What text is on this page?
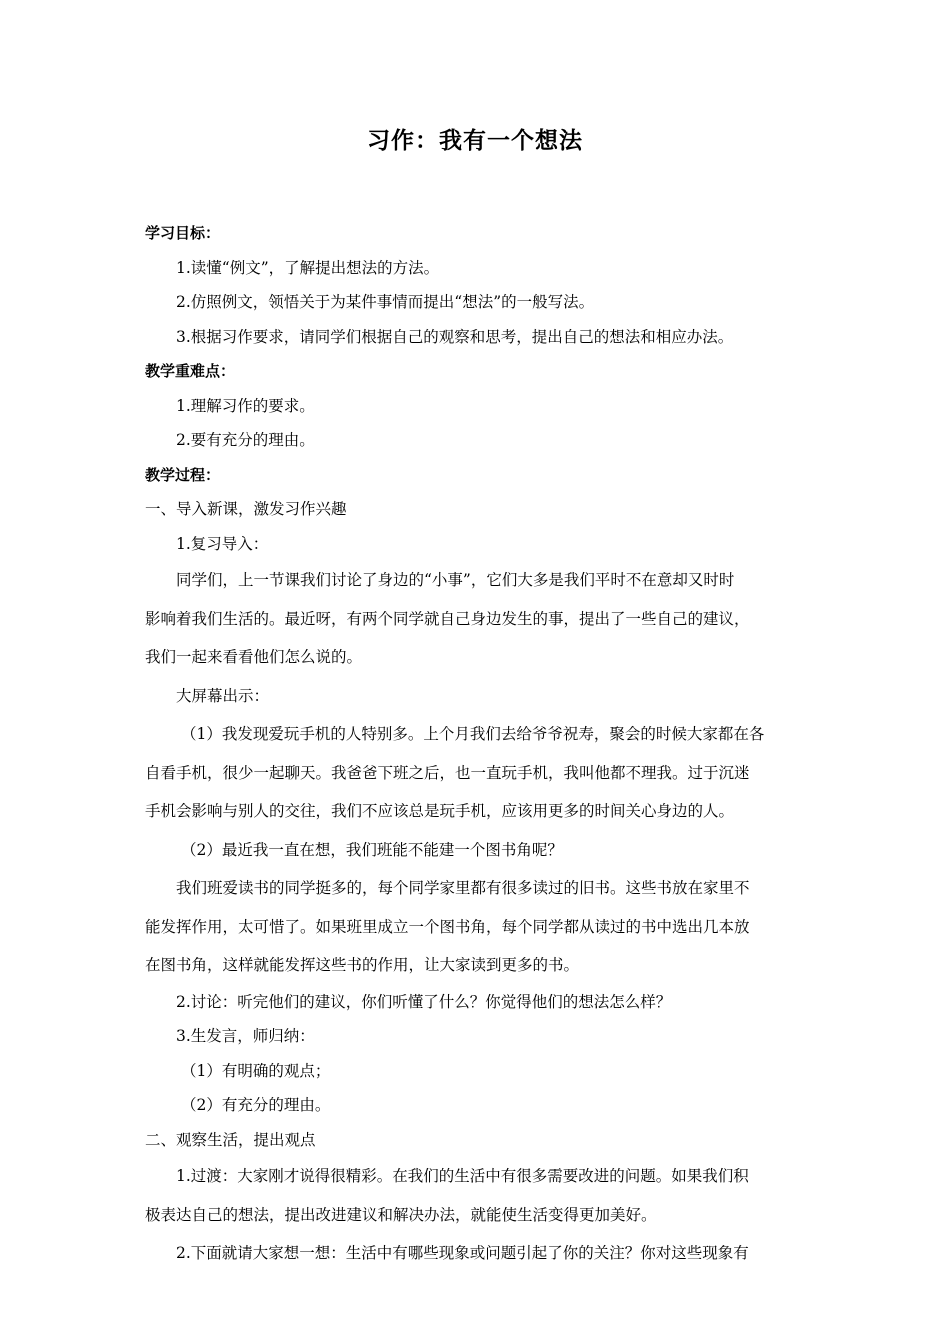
习作：我有一个想法
学习目标：
1.读懂“例文”，了解提出想法的方法。
2.仿照例文，领悟关于为某件事情而提出“想法”的一般写法。
3.根据习作要求，请同学们根据自己的观察和思考，提出自己的想法和相应办法。
教学重难点：
1.理解习作的要求。
2.要有充分的理由。
教学过程：
一、导入新课，激发习作兴趣
1.复习导入：
同学们，上一节课我们讨论了身边的“小事”，它们大多是我们平时不在意却又时时
影响着我们生活的。最近呀，有两个同学就自己身边发生的事，提出了一些自己的建议，
我们一起来看看他们怎么说的。
大屏幕出示：
（1）我发现爱玩手机的人特别多。上个月我们去给爷爷祝寿，聚会的时候大家都在各
自看手机，很少一起聊天。我爸爸下班之后，也一直玩手机，我叫他都不理我。过于沉迷
手机会影响与别人的交往，我们不应该总是玩手机，应该用更多的时间关心身边的人。
（2）最近我一直在想，我们班能不能建一个图书角呢？
我们班爱读书的同学挺多的，每个同学家里都有很多读过的旧书。这些书放在家里不
能发挥作用，太可惜了。如果班里成立一个图书角，每个同学都从读过的书中选出几本放
在图书角，这样就能发挥这些书的作用，让大家读到更多的书。
2.讨论：听完他们的建议，你们听懂了什么？你觉得他们的想法怎么样？
3.生发言，师归纳：
（1）有明确的观点；
（2）有充分的理由。
二、观察生活，提出观点
1.过渡：大家刚才说得很精彩。在我们的生活中有很多需要改进的问题。如果我们积
极表达自己的想法，提出改进建议和解决办法，就能使生活变得更加美好。
2.下面就请大家想一想：生活中有哪些现象或问题引起了你的关注？你对这些现象有
